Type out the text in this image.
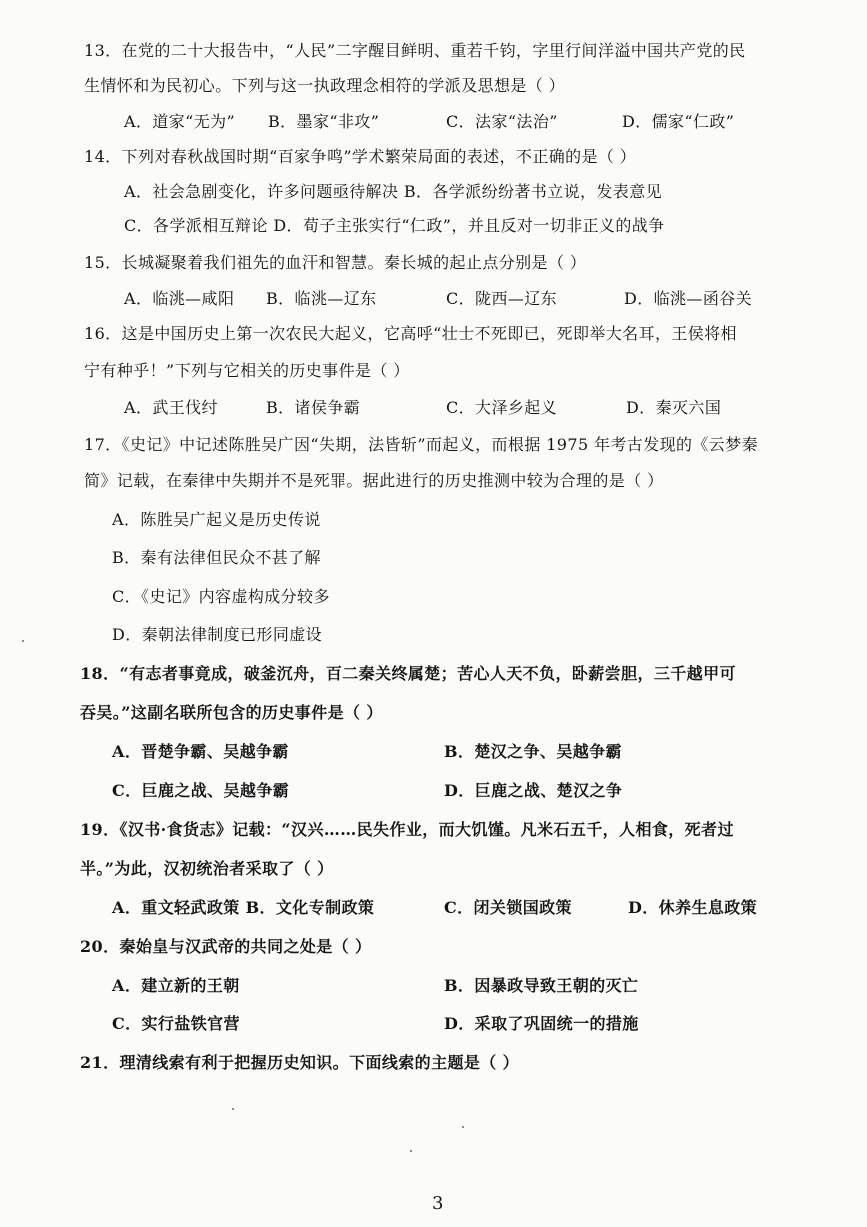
13．在党的二十大报告中，“人民”二字醒目鲜明、重若千钧，字里行间洋溢中国共产党的民
生情怀和为民初心。下列与这一执政理念相符的学派及思想是（ ）
A．道家“无为” B．墨家“非攻”	C．法家“法治”	D．儒家“仁政”
14．下列对春秋战国时期“百家争鸣”学术繁荣局面的表述，不正确的是（ ）
A．社会急剧变化，许多问题亟待解决 B．各学派纷纷著书立说，发表意见
C．各学派相互辩论 D．荀子主张实行“仁政”，并且反对一切非正义的战争
15．长城凝聚着我们祖先的血汗和智慧。秦长城的起止点分别是（ ）
A．临洮—咸阳 B．临洮—辽东	C．陇西—辽东	D．临洮—函谷关
16．这是中国历史上第一次农民大起义，它高呼“壮士不死即已，死即举大名耳，王侯将相
宁有种乎！”下列与它相关的历史事件是（ ）
A．武王伐纣	B．诸侯争霸	C．大泽乡起义	D．秦灭六国
17．《史记》中记述陈胜吴广因“失期，法皆斩”而起义，而根据 1975 年考古发现的《云梦秦
简》记载，在秦律中失期并不是死罪。据此进行的历史推测中较为合理的是（ ）
A．陈胜吴广起义是历史传说
B．秦有法律但民众不甚了解
C．《史记》内容虚构成分较多
D．秦朝法律制度已形同虚设
18．“有志者事竟成，破釜沉舟，百二秦关终属楚；苦心人天不负，卧薪尝胆，三千越甲可
吞吴。”这副名联所包含的历史事件是（ ）
A．晋楚争霸、吴越争霸	B．楚汉之争、吴越争霸
C．巨鹿之战、吴越争霸	D．巨鹿之战、楚汉之争
19．《汉书·食货志》记载：“汉兴……民失作业，而大饥馑。凡米石五千，人相食，死者过
半。”为此，汉初统治者采取了（ ）
A．重文轻武政策 B．文化专制政策	C．闭关锁国政策	D．休养生息政策
20．秦始皇与汉武帝的共同之处是（ ）
A．建立新的王朝	B．因暴政导致王朝的灭亡
C．实行盐铁官营	D．采取了巩固统一的措施
21．理清线索有利于把握历史知识。下面线索的主题是（ ）
3
